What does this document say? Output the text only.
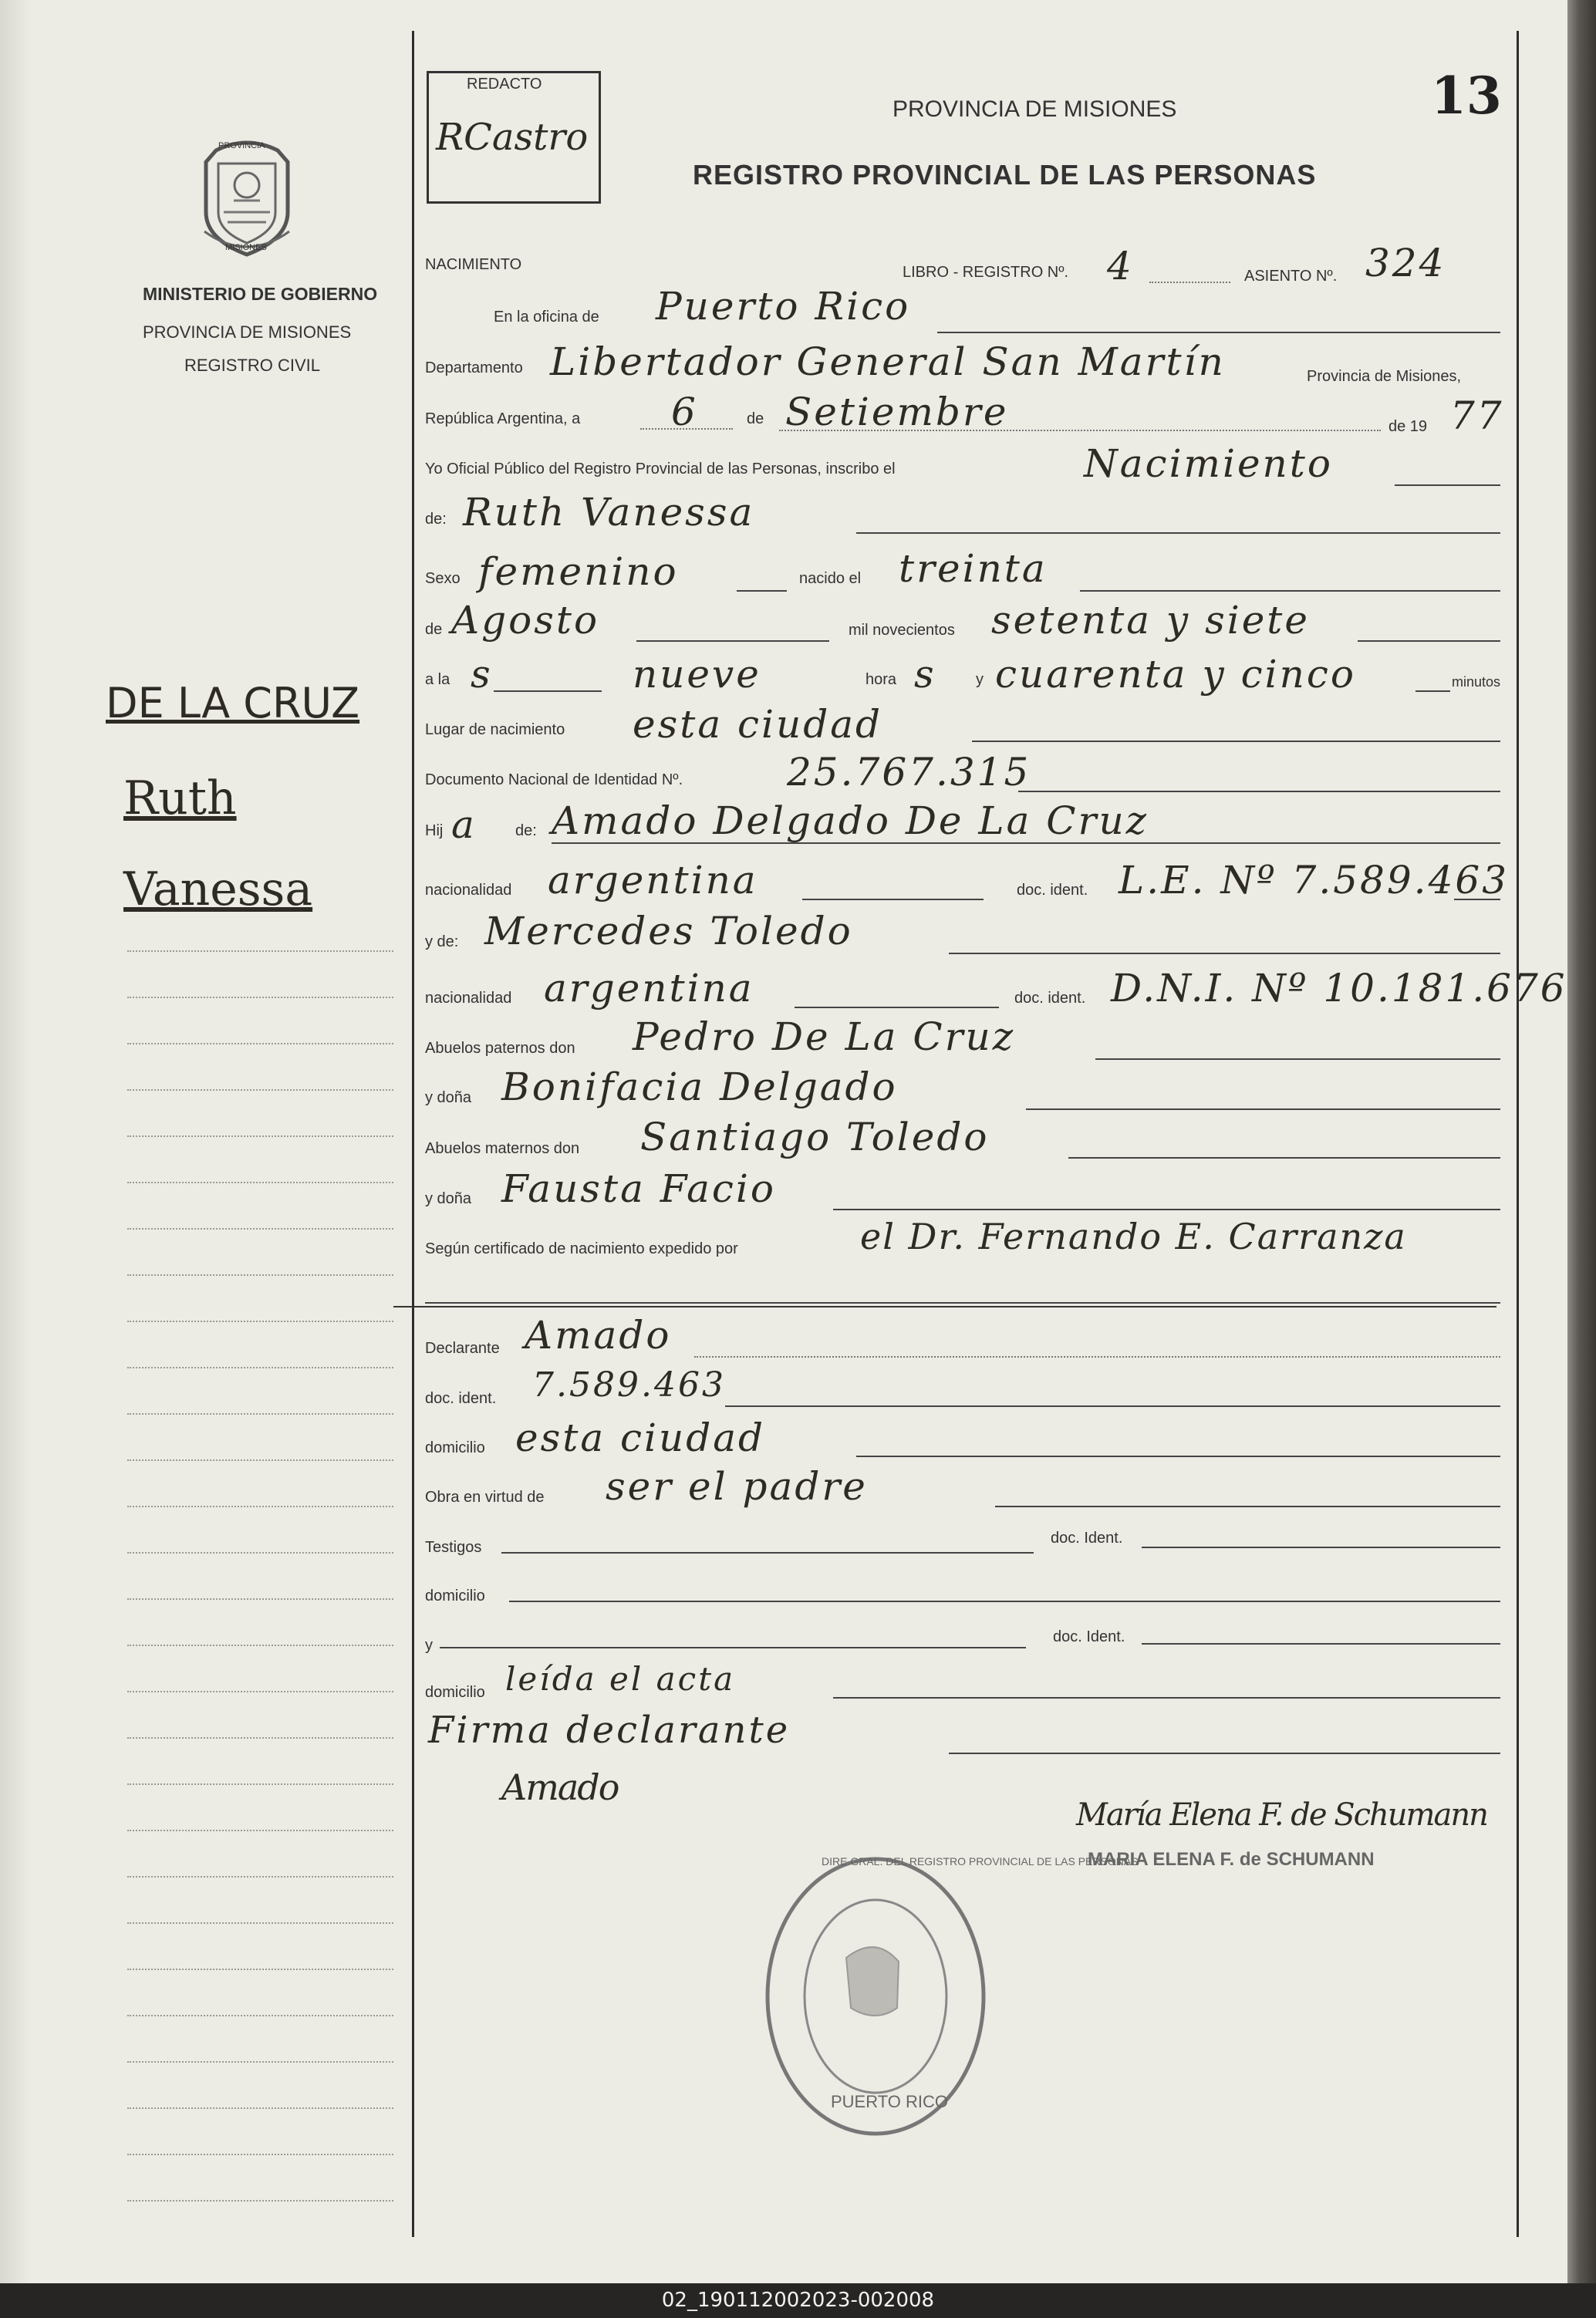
PROVINCIA
MISIONES
MINISTERIO DE GOBIERNO
PROVINCIA DE MISIONES
REGISTRO CIVIL
DE LA CRUZ
Ruth
Vanessa
REDACTO
RCastro
PROVINCIA DE MISIONES
REGISTRO PROVINCIAL DE LAS PERSONAS
13
NACIMIENTO	LIBRO - REGISTRO Nº. 4	ASIENTO Nº. 324
En la oficina de Puerto Rico
Departamento Libertador General San Martín	Provincia de Misiones,
República Argentina, a 6	de Setiembre	de 19 77
Yo Oficial Público del Registro Provincial de las Personas, inscribo el	Nacimiento
de: Ruth Vanessa
Sexo femenino	nacido el treinta
de Agosto	mil novecientos setenta y siete
a la s	nueve	hora s	y cuarenta y cinco	minutos
Lugar de nacimiento esta ciudad
Documento Nacional de Identidad Nº.	25.767.315
Hij a	de: Amado Delgado De La Cruz
nacionalidad argentina	doc. ident. L.E. Nº 7.589.463
y de: Mercedes Toledo
nacionalidad argentina	doc. ident. D.N.I. Nº 10.181.676
Abuelos paternos don Pedro De La Cruz
y doña Bonifacia Delgado
Abuelos maternos don Santiago Toledo
y doña Fausta Facio
Según certificado de nacimiento expedido por	el Dr. Fernando E. Carranza
Declarante Amado
doc. ident. 7.589.463
domicilio esta ciudad
Obra en virtud de ser el padre
Testigos
doc. Ident.
domicilio
y	doc. Ident.
domicilio leída el acta
Firma declarante
Amado
María Elena F. de Schumann
MARIA ELENA F. de SCHUMANN
DIRE GRAL. DEL REGISTRO PROVINCIAL DE LAS PERSONAS
PUERTO RICO
02_190112002023-002008
